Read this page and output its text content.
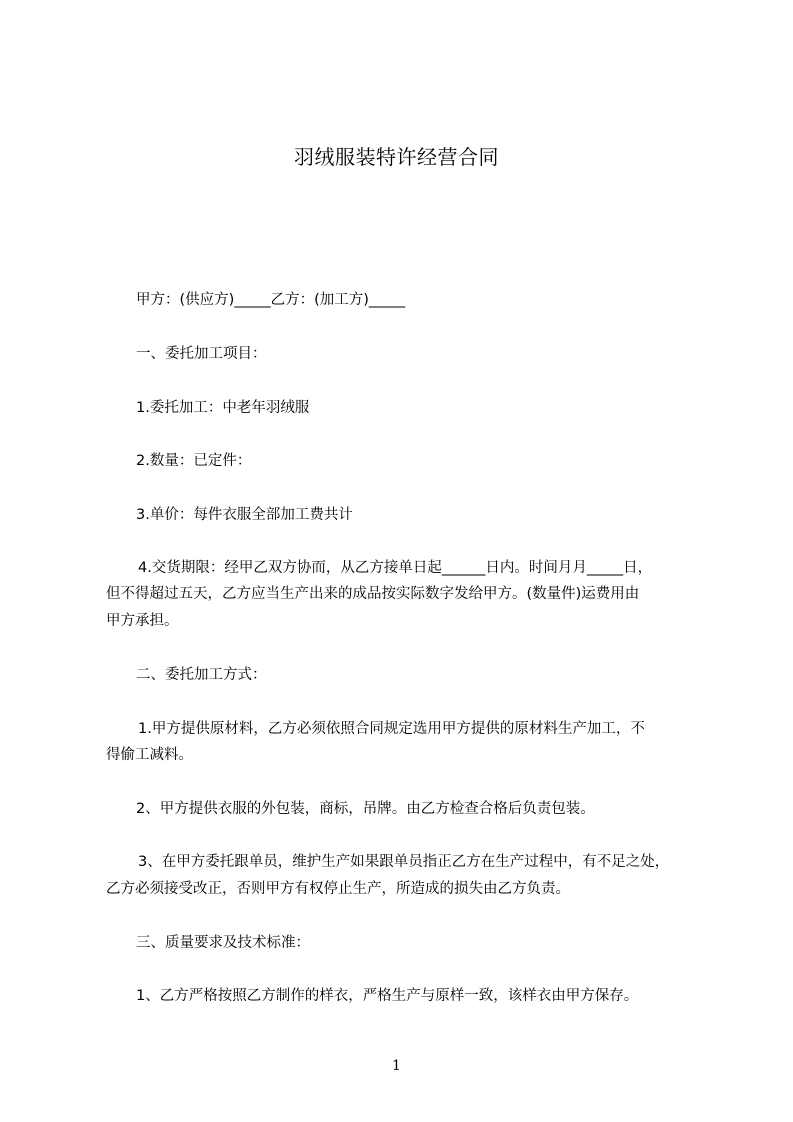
羽绒服装特许经营合同
甲方：(供应方)_____乙方：(加工方)_____
一、委托加工项目：
1.委托加工：中老年羽绒服
2.数量：已定件：
3.单价：每件衣服全部加工费共计
4.交货期限：经甲乙双方协而，从乙方接单日起______日内。时间月月_____日，
但不得超过五天，乙方应当生产出来的成品按实际数字发给甲方。(数量件)运费用由
甲方承担。
二、委托加工方式：
1.甲方提供原材料，乙方必须依照合同规定选用甲方提供的原材料生产加工，不
得偷工减料。
2、甲方提供衣服的外包装，商标，吊牌。由乙方检查合格后负责包装。
3、在甲方委托跟单员，维护生产如果跟单员指正乙方在生产过程中，有不足之处，
乙方必须接受改正，否则甲方有权停止生产，所造成的损失由乙方负责。
三、质量要求及技术标准：
1、乙方严格按照乙方制作的样衣，严格生产与原样一致，该样衣由甲方保存。
1
